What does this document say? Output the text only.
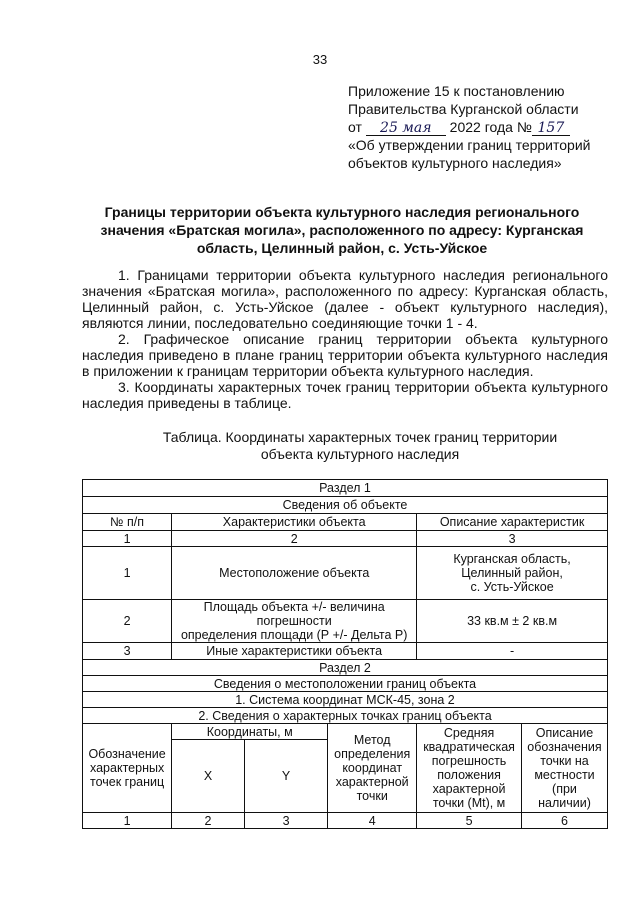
33
Приложение 15 к постановлению
Правительства Курганской области
от 25 мая 2022 года № 157
«Об утверждении границ территорий
объектов культурного наследия»
Границы территории объекта культурного наследия регионального
значения «Братская могила», расположенного по адресу: Курганская
область, Целинный район, с. Усть-Уйское

1. Границами территории объекта культурного наследия регионального значения «Братская могила», расположенного по адресу: Курганская область, Целинный район, с. Усть-Уйское (далее - объект культурного наследия), являются линии, последовательно соединяющие точки 1 - 4.

2. Графическое описание границ территории объекта культурного наследия приведено в плане границ территории объекта культурного наследия в приложении к границам территории объекта культурного наследия.

3. Координаты характерных точек границ территории объекта культурного наследия приведены в таблице.

Таблица. Координаты характерных точек границ территории
объекта культурного наследия
Раздел 1					
Сведения об объекте					
№ п/п	Характеристики объекта			Описание характеристик	
1	2			3	
1	Местоположение объекта			Курганская область,
Целинный район,
с. Усть-Уйское	

2	Площадь объекта +/- величина погрешности
определения площади (Р +/- Дельта Р)			33 кв.м ± 2 кв.м	
3	Иные характеристики объекта			-	
Раздел 2					
Сведения о местоположении границ объекта					
1. Система координат МСК-45, зона 2					
2. Сведения о характерных точках границ объекта					
Обозначение характерных точек границ	Координаты, м		Метод определения координат характерной точки	Средняя квадратическая погрешность положения характерной точки (Mt), м	Описание обозначения точки на местности (при наличии)
	X	Y			
1	2	3	4	5	6
